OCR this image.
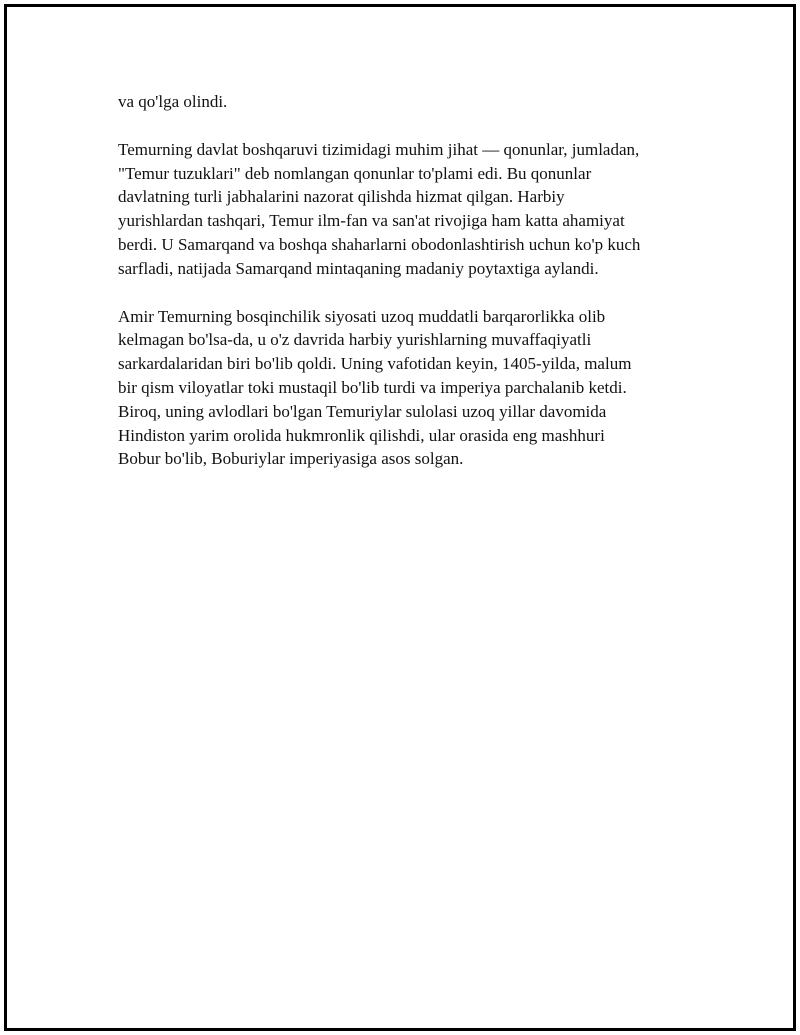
va qo'lga olindi.

Temurning davlat boshqaruvi tizimidagi muhim jihat — qonunlar, jumladan,
"Temur tuzuklari" deb nomlangan qonunlar to'plami edi. Bu qonunlar
davlatning turli jabhalarini nazorat qilishda hizmat qilgan. Harbiy
yurishlardan tashqari, Temur ilm-fan va san'at rivojiga ham katta ahamiyat
berdi. U Samarqand va boshqa shaharlarni obodonlashtirish uchun ko'p kuch
sarfladi, natijada Samarqand mintaqaning madaniy poytaxtiga aylandi.

Amir Temurning bosqinchilik siyosati uzoq muddatli barqarorlikka olib
kelmagan bo'lsa-da, u o'z davrida harbiy yurishlarning muvaffaqiyatli
sarkardalaridan biri bo'lib qoldi. Uning vafotidan keyin, 1405-yilda, malum
bir qism viloyatlar toki mustaqil bo'lib turdi va imperiya parchalanib ketdi.
Biroq, uning avlodlari bo'lgan Temuriylar sulolasi uzoq yillar davomida
Hindiston yarim orolida hukmronlik qilishdi, ular orasida eng mashhuri
Bobur bo'lib, Boburiylar imperiyasiga asos solgan.
